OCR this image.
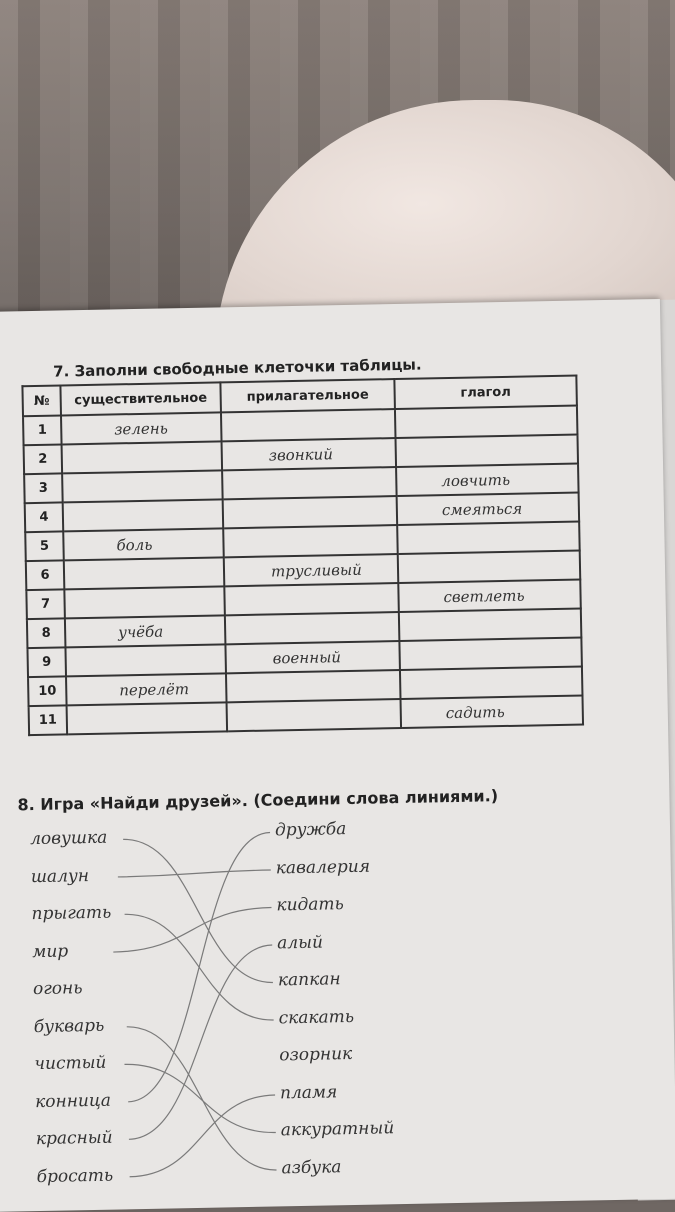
7. Заполни свободные клеточки таблицы.
№	существительное	прилагательное	глагол
1	зелень		
2		звонкий	
3			ловчить
4			смеяться
5	боль		
6		трусливый	
7			светлеть
8	учёба		
9		военный	
10	перелёт		
11			садить
8. Игра «Найди друзей». (Соедини слова линиями.)
ловушка
шалун
прыгать
мир
огонь
букварь
чистый
конница
красный
бросать
дружба
кавалерия
кидать
алый
капкан
скакать
озорник
пламя
аккуратный
азбука
